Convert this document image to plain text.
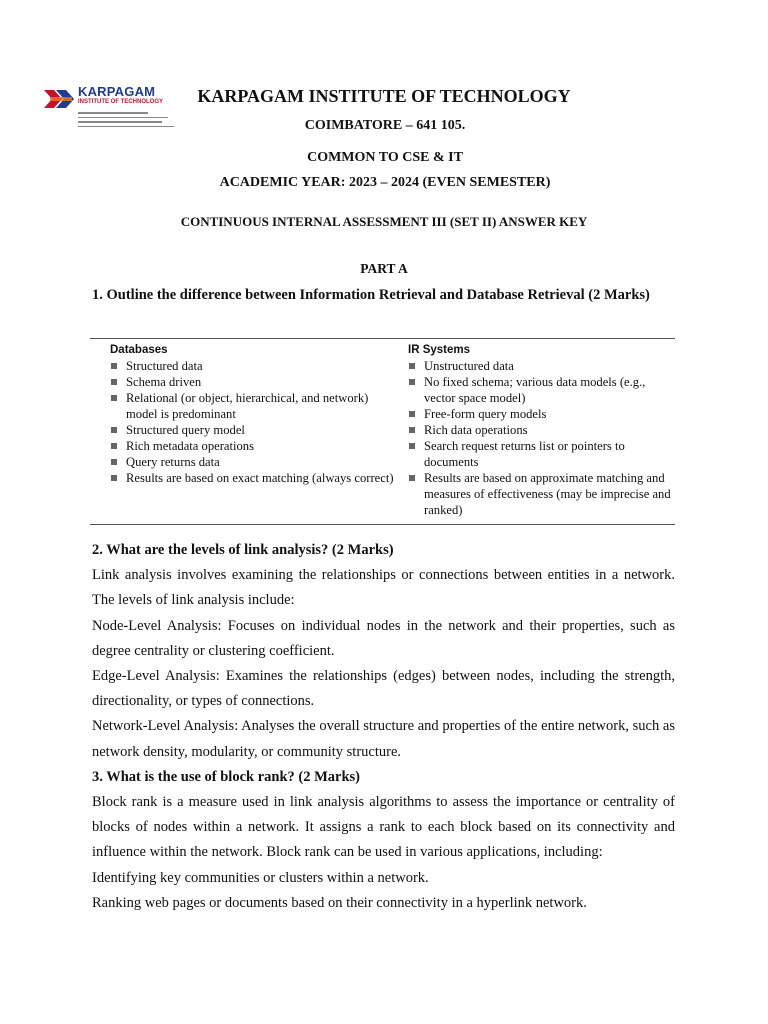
KARPAGAM
INSTITUTE OF TECHNOLOGY	KARPAGAM INSTITUTE OF TECHNOLOGY
COIMBATORE – 641 105.
COMMON TO CSE & IT
ACADEMIC YEAR: 2023 – 2024 (EVEN SEMESTER)
CONTINUOUS INTERNAL ASSESSMENT III (SET II) ANSWER KEY
PART A
1. Outline the difference between Information Retrieval and Database Retrieval (2 Marks)
Databases
Structured data
Schema driven
Relational (or object, hierarchical, and network) model is predominant
Structured query model
Rich metadata operations
Query returns data
Results are based on exact matching (always correct)
IR Systems
Unstructured data
No fixed schema; various data models (e.g., vector space model)
Free-form query models
Rich data operations
Search request returns list or pointers to documents
Results are based on approximate matching and measures of effectiveness (may be imprecise and ranked)

2. What are the levels of link analysis? (2 Marks)

Link analysis involves examining the relationships or connections between entities in a network. The levels of link analysis include:

Node-Level Analysis: Focuses on individual nodes in the network and their properties, such as degree centrality or clustering coefficient.

Edge-Level Analysis: Examines the relationships (edges) between nodes, including the strength, directionality, or types of connections.

Network-Level Analysis: Analyses the overall structure and properties of the entire network, such as network density, modularity, or community structure.

3. What is the use of block rank? (2 Marks)

Block rank is a measure used in link analysis algorithms to assess the importance or centrality of blocks of nodes within a network. It assigns a rank to each block based on its connectivity and influence within the network. Block rank can be used in various applications, including:

Identifying key communities or clusters within a network.

Ranking web pages or documents based on their connectivity in a hyperlink network.
